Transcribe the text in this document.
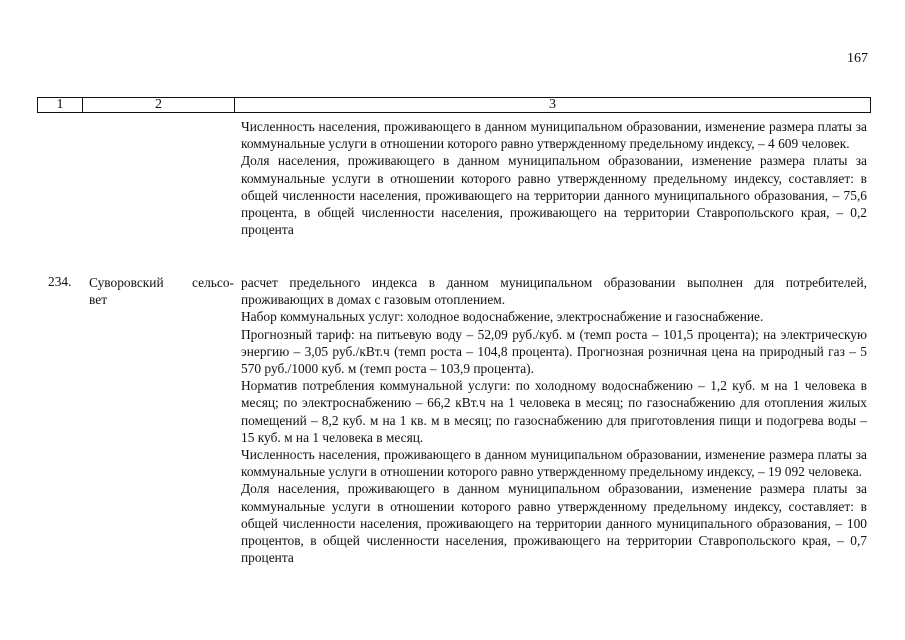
167
1	2	3

Численность населения, проживающего в данном муниципальном образовании, изменение размера платы за коммунальные услуги в отношении которого равно утвержденному предельному индексу, – 4 609 человек.

Доля населения, проживающего в данном муниципальном образовании, изменение размера платы за коммунальные услуги в отношении которого равно утвержденному предельному индексу, составляет: в общей численности населения, проживающего на территории данного муниципального образования, – 75,6 процента, в общей численности населения, проживающего на территории Ставропольского края, – 0,2 процента

234. Суворовский сельсо-
вет

расчет предельного индекса в данном муниципальном образовании выполнен для потребителей, проживающих в домах с газовым отоплением.

Набор коммунальных услуг: холодное водоснабжение, электроснабжение и газоснабжение.

Прогнозный тариф: на питьевую воду – 52,09 руб./куб. м (темп роста – 101,5 процента); на электрическую энергию – 3,05 руб./кВт.ч (темп роста – 104,8 процента). Прогнозная розничная цена на природный газ – 5 570 руб./1000 куб. м (темп роста – 103,9 процента).

Норматив потребления коммунальной услуги: по холодному водоснабжению – 1,2 куб. м на 1 человека в месяц; по электроснабжению – 66,2 кВт.ч на 1 человека в месяц; по газоснабжению для отопления жилых помещений – 8,2 куб. м на 1 кв. м в месяц; по газоснабжению для приготовления пищи и подогрева воды – 15 куб. м на 1 человека в месяц.

Численность населения, проживающего в данном муниципальном образовании, изменение размера платы за коммунальные услуги в отношении которого равно утвержденному предельному индексу, – 19 092 человека.

Доля населения, проживающего в данном муниципальном образовании, изменение размера платы за коммунальные услуги в отношении которого равно утвержденному предельному индексу, составляет: в общей численности населения, проживающего на территории данного муниципального образования, – 100 процентов, в общей численности населения, проживающего на территории Ставропольского края, – 0,7 процента
